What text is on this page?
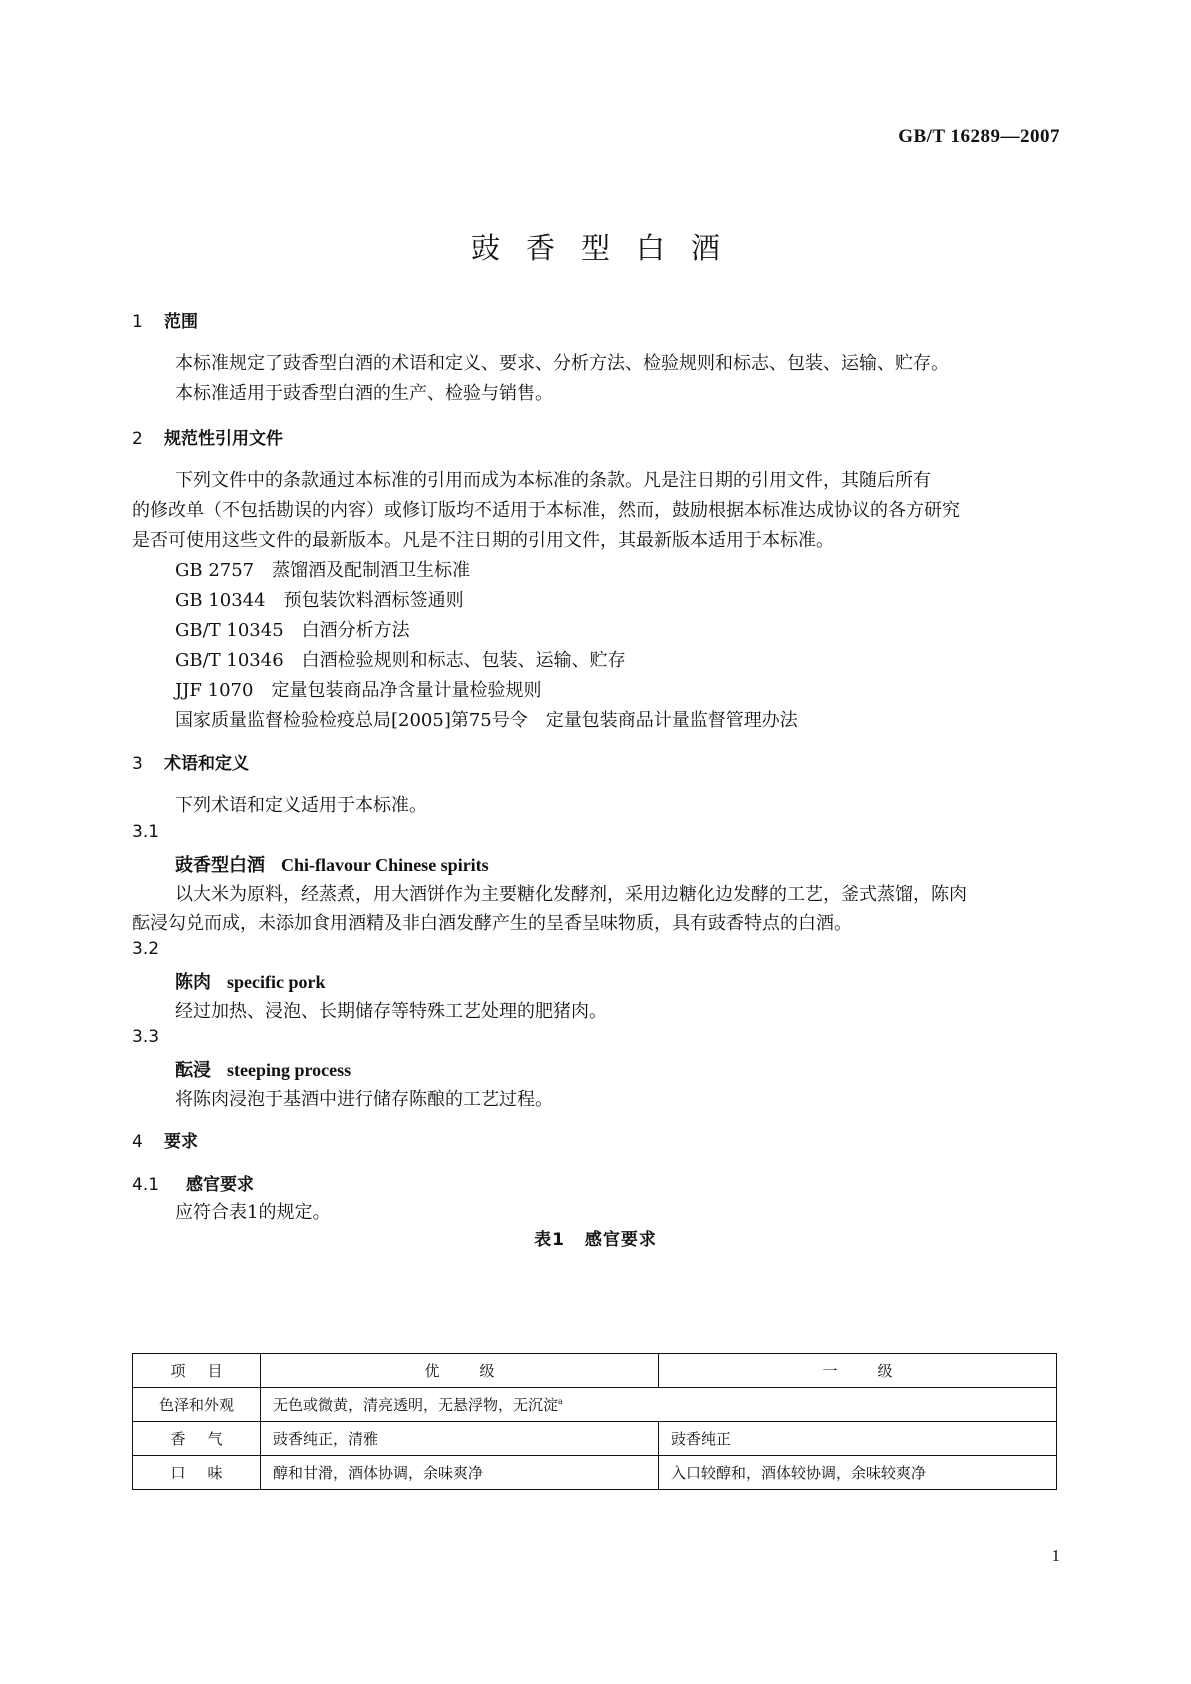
GB/T 16289—2007
豉香型白酒
1 范围
本标准规定了豉香型白酒的术语和定义、要求、分析方法、检验规则和标志、包装、运输、贮存。
本标准适用于豉香型白酒的生产、检验与销售。
2 规范性引用文件
下列文件中的条款通过本标准的引用而成为本标准的条款。凡是注日期的引用文件，其随后所有
的修改单（不包括勘误的内容）或修订版均不适用于本标准，然而，鼓励根据本标准达成协议的各方研究
是否可使用这些文件的最新版本。凡是不注日期的引用文件，其最新版本适用于本标准。
GB 2757 蒸馏酒及配制酒卫生标准
GB 10344 预包装饮料酒标签通则
GB/T 10345 白酒分析方法
GB/T 10346 白酒检验规则和标志、包装、运输、贮存
JJF 1070 定量包装商品净含量计量检验规则
国家质量监督检验检疫总局[2005]第75号令 定量包装商品计量监督管理办法
3 术语和定义
下列术语和定义适用于本标准。
3.1
豉香型白酒 Chi-flavour Chinese spirits
以大米为原料，经蒸煮，用大酒饼作为主要糖化发酵剂，采用边糖化边发酵的工艺，釜式蒸馏，陈肉
酝浸勾兑而成，未添加食用酒精及非白酒发酵产生的呈香呈味物质，具有豉香特点的白酒。
3.2
陈肉 specific pork
经过加热、浸泡、长期储存等特殊工艺处理的肥猪肉。
3.3
酝浸 steeping process
将陈肉浸泡于基酒中进行储存陈酿的工艺过程。
4 要求
4.1 感官要求
应符合表1的规定。
表1 感官要求
项目	优级	一级
色泽和外观	无色或微黄，清亮透明，无悬浮物，无沉淀$^a$
香气	豉香纯正，清雅	豉香纯正
口味	醇和甘滑，酒体协调，余味爽净	入口较醇和，酒体较协调，余味较爽净
1
